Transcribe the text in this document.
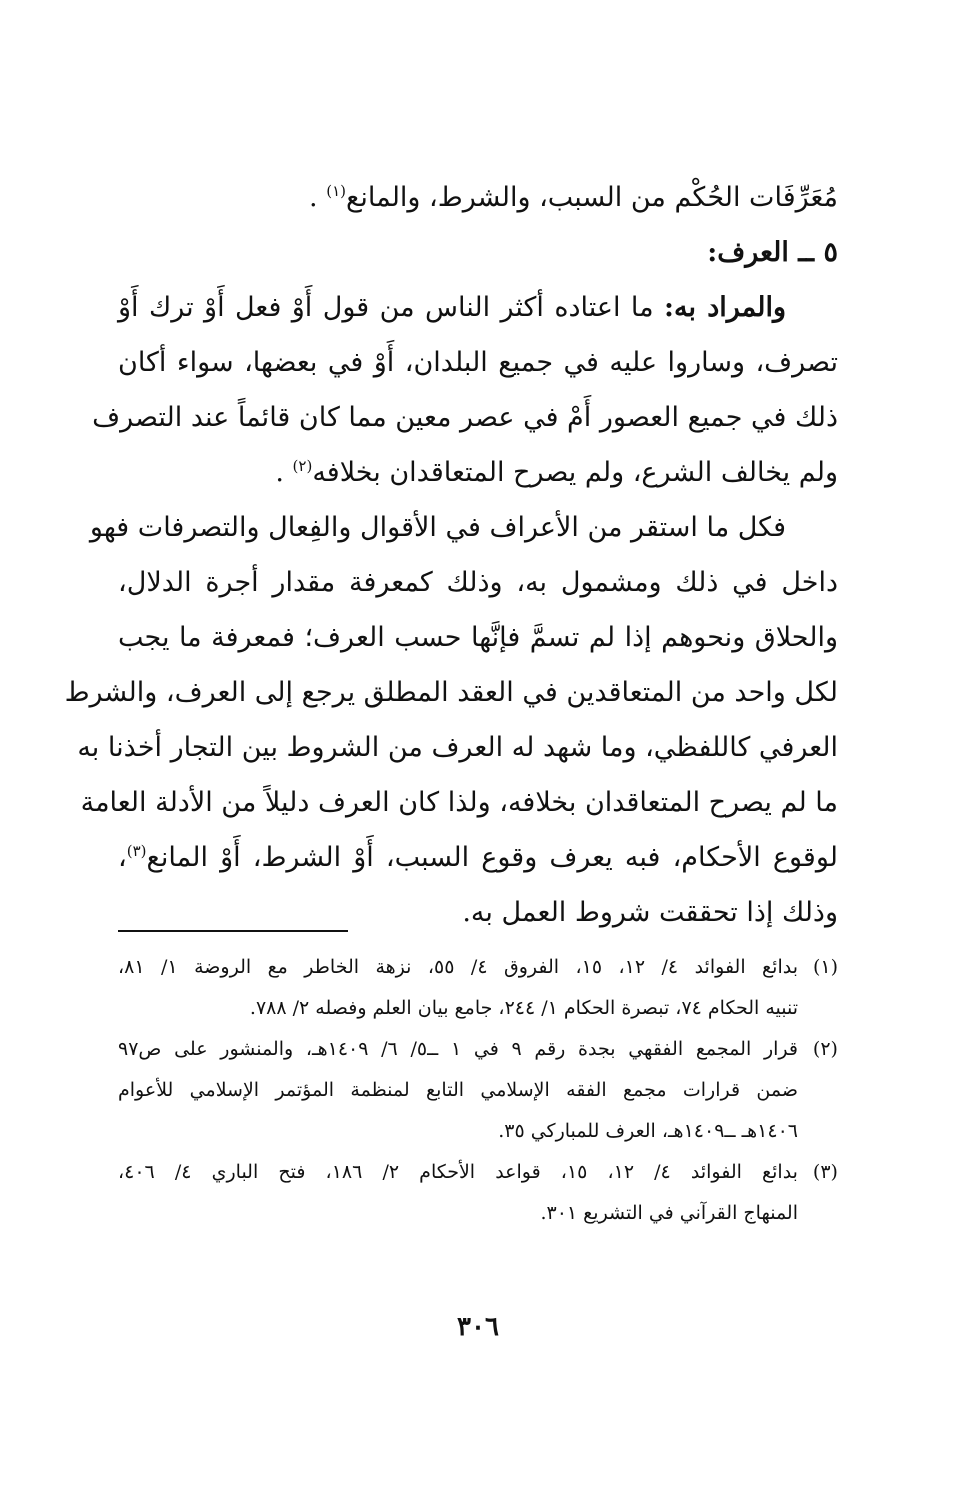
مُعَرِّفَات الحُكْم من السبب، والشرط، والمانع$^{(١)}$ .
٥ ــ العرف:
والمراد به: ما اعتاده أكثر الناس من قول أَوْ فعل أَوْ ترك أَوْ
تصرف، وساروا عليه في جميع البلدان، أَوْ في بعضها، سواء أكان
ذلك في جميع العصور أَمْ في عصر معين مما كان قائماً عند التصرف
ولم يخالف الشرع، ولم يصرح المتعاقدان بخلافه$^{(٢)}$ .
فكل ما استقر من الأعراف في الأقوال والفِعال والتصرفات فهو
داخل في ذلك ومشمول به، وذلك كمعرفة مقدار أجرة الدلال،
والحلاق ونحوهم إذا لم تسمَّ فإنَّها حسب العرف؛ فمعرفة ما يجب
لكل واحد من المتعاقدين في العقد المطلق يرجع إلى العرف، والشرط
العرفي كاللفظي، وما شهد له العرف من الشروط بين التجار أخذنا به
ما لم يصرح المتعاقدان بخلافه، ولذا كان العرف دليلاً من الأدلة العامة
لوقوع الأحكام، فبه يعرف وقوع السبب، أَوْ الشرط، أَوْ المانع$^{(٣)}$،
وذلك إذا تحققت شروط العمل به.
(١)بدائع الفوائد ٤/ ١٢، ١٥، الفروق ٤/ ٥٥، نزهة الخاطر مع الروضة ١/ ٨١،
تنبيه الحكام ٧٤، تبصرة الحكام ١/ ٢٤٤، جامع بيان العلم وفصله ٢/ ٧٨٨.
(٢)قرار المجمع الفقهي بجدة رقم ٩ في ١ ــ٥/ ٦/ ١٤٠٩هـ، والمنشور على ص٩٧
ضمن قرارات مجمع الفقه الإسلامي التابع لمنظمة المؤتمر الإسلامي للأعوام
١٤٠٦هـ ــ١٤٠٩هـ، العرف للمباركي ٣٥.
(٣)بدائع الفوائد ٤/ ١٢، ١٥، قواعد الأحكام ٢/ ١٨٦، فتح الباري ٤/ ٤٠٦،
المنهاج القرآني في التشريع ٣٠١.
٣٠٦
